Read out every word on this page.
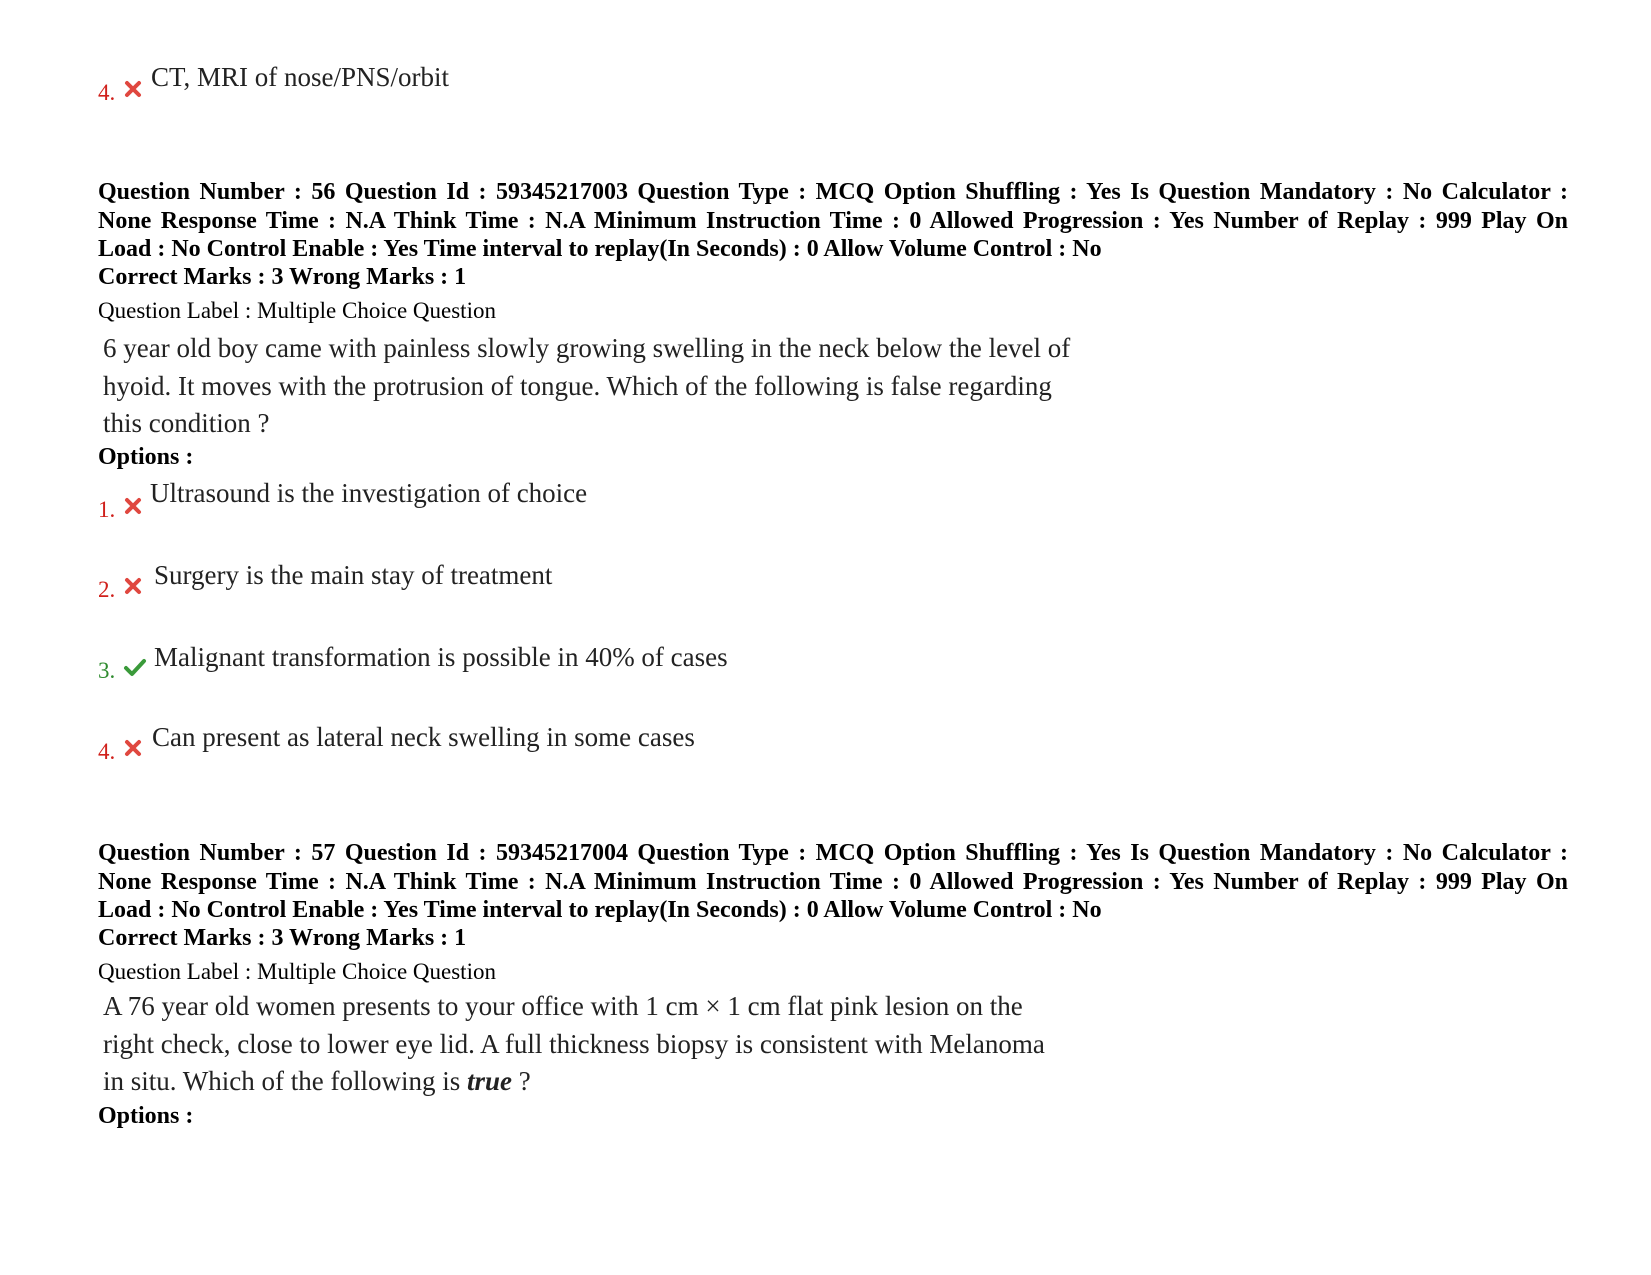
4.
CT, MRI of nose/PNS/orbit
Question Number : 56 Question Id : 59345217003 Question Type : MCQ Option Shuffling : Yes Is Question Mandatory : No Calculator :
None Response Time : N.A Think Time : N.A Minimum Instruction Time : 0 Allowed Progression : Yes Number of Replay : 999 Play On
Load : No Control Enable : Yes Time interval to replay(In Seconds) : 0 Allow Volume Control : No
Correct Marks : 3 Wrong Marks : 1
Question Label : Multiple Choice Question
6 year old boy came with painless slowly growing swelling in the neck below the level of
hyoid. It moves with the protrusion of tongue. Which of the following is false regarding
this condition ?
Options :
1.
Ultrasound is the investigation of choice
2. Surgery is the main stay of treatment
3. Malignant transformation is possible in 40% of cases
4. Can present as lateral neck swelling in some cases
Question Number : 57 Question Id : 59345217004 Question Type : MCQ Option Shuffling : Yes Is Question Mandatory : No Calculator :
None Response Time : N.A Think Time : N.A Minimum Instruction Time : 0 Allowed Progression : Yes Number of Replay : 999 Play On
Load : No Control Enable : Yes Time interval to replay(In Seconds) : 0 Allow Volume Control : No
Correct Marks : 3 Wrong Marks : 1
Question Label : Multiple Choice Question
A 76 year old women presents to your office with 1 cm × 1 cm flat pink lesion on the
right check, close to lower eye lid. A full thickness biopsy is consistent with Melanoma
in situ. Which of the following is true ?
Options :
